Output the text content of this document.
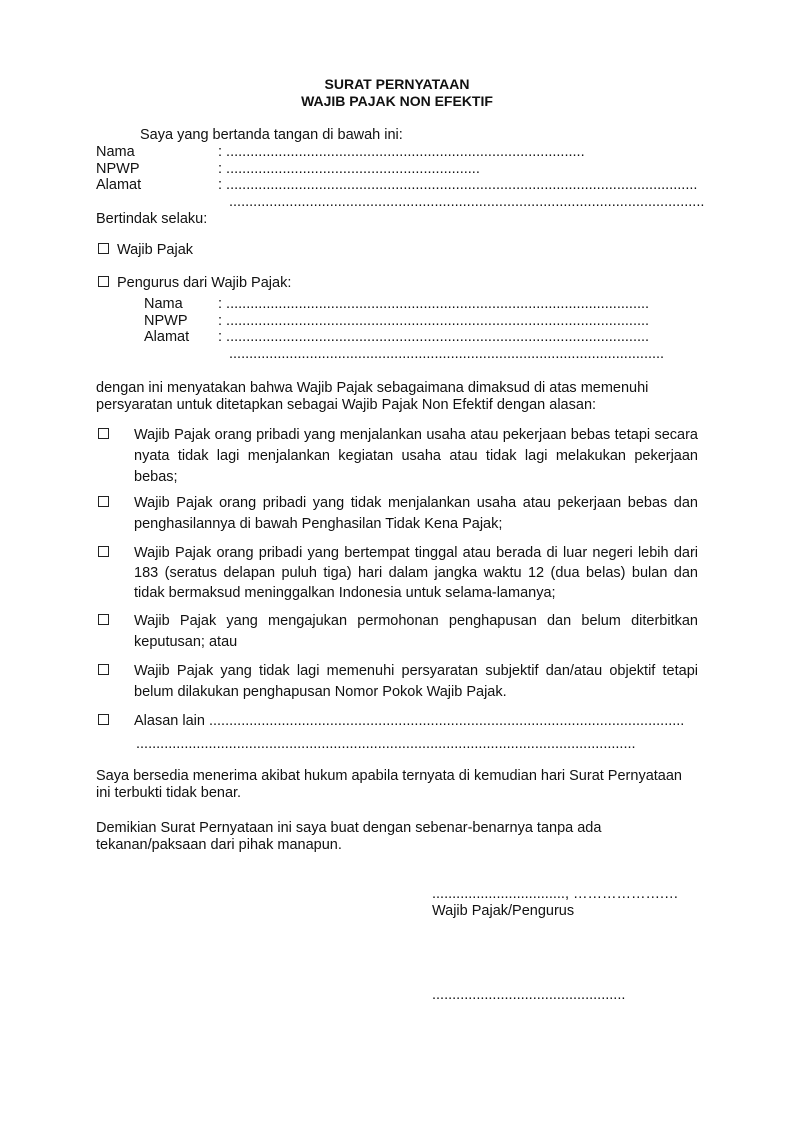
SURAT PERNYATAAN
WAJIB PAJAK NON EFEKTIF
Saya yang bertanda tangan di bawah ini:
Nama	: .........................................................................................
NPWP	: ...............................................................
Alamat	: .....................................................................................................................
......................................................................................................................
Bertindak selaku:
Wajib Pajak
Pengurus dari Wajib Pajak:
Nama : .........................................................................................................
NPWP : .........................................................................................................
Alamat : .........................................................................................................
............................................................................................................
dengan ini menyatakan bahwa Wajib Pajak sebagaimana dimaksud di atas memenuhi persyaratan untuk ditetapkan sebagai Wajib Pajak Non Efektif dengan alasan:
Wajib Pajak orang pribadi yang menjalankan usaha atau pekerjaan bebas tetapi secara nyata tidak lagi menjalankan kegiatan usaha atau tidak lagi melakukan pekerjaan bebas;
Wajib Pajak orang pribadi yang tidak menjalankan usaha atau pekerjaan bebas dan penghasilannya di bawah Penghasilan Tidak Kena Pajak;
Wajib Pajak orang pribadi yang bertempat tinggal atau berada di luar negeri lebih dari 183 (seratus delapan puluh tiga) hari dalam jangka waktu 12 (dua belas) bulan dan tidak bermaksud meninggalkan Indonesia untuk selama-lamanya;
Wajib Pajak yang mengajukan permohonan penghapusan dan belum diterbitkan keputusan; atau
Wajib Pajak yang tidak lagi memenuhi persyaratan subjektif dan/atau objektif tetapi belum dilakukan penghapusan Nomor Pokok Wajib Pajak.
Alasan lain ......................................................................................................................
............................................................................................................................
Saya bersedia menerima akibat hukum apabila ternyata di kemudian hari Surat Pernyataan ini terbukti tidak benar.
Demikian Surat Pernyataan ini saya buat dengan sebenar-benarnya tanpa ada tekanan/paksaan dari pihak manapun.
................................., ……………….…
Wajib Pajak/Pengurus
................................................
